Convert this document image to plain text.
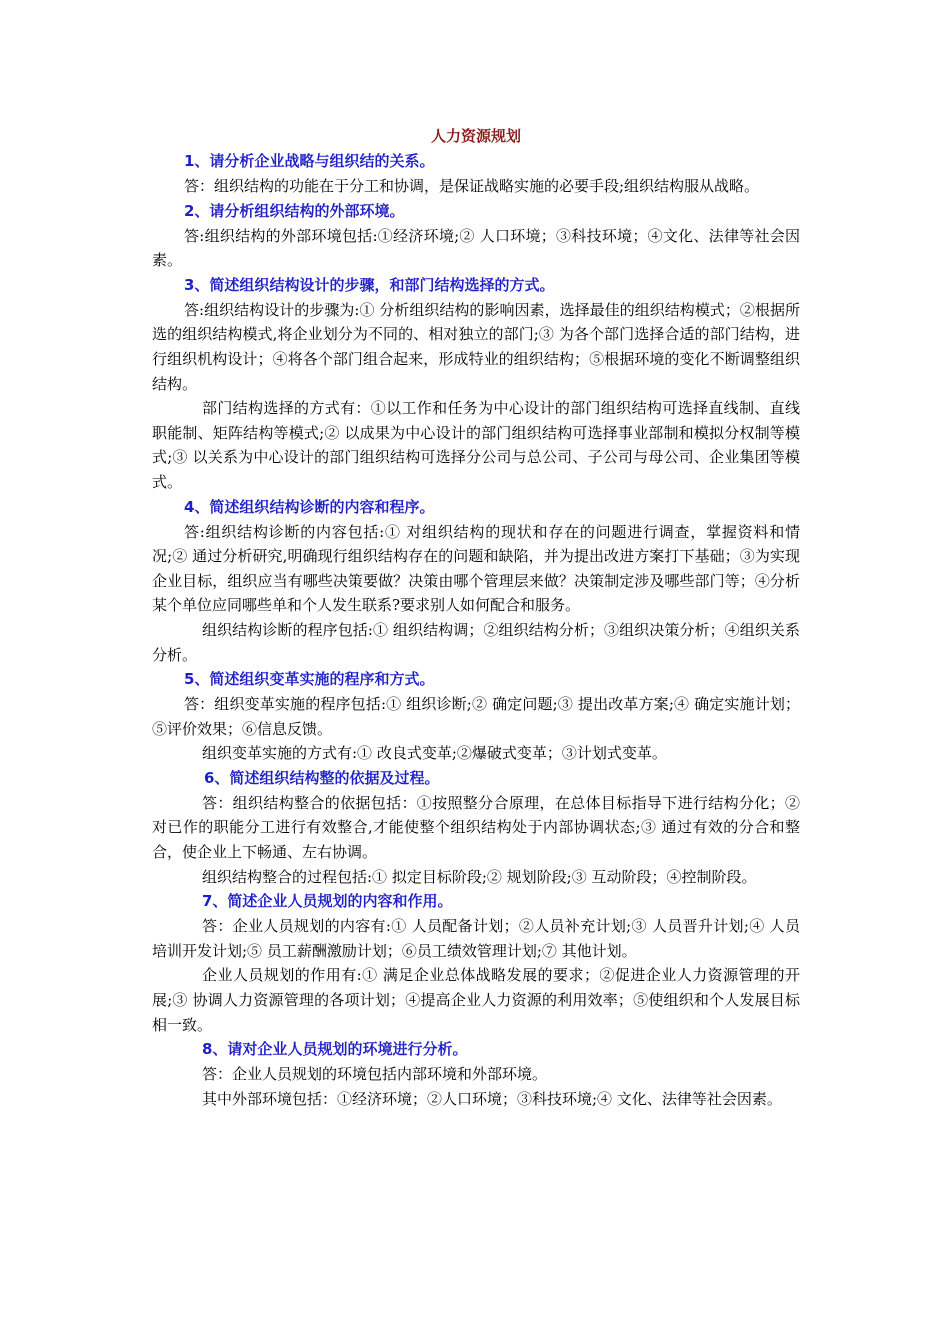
人力资源规划

1、请分析企业战略与组织结的关系。

答：组织结构的功能在于分工和协调，是保证战略实施的必要手段;组织结构服从战略。

2、请分析组织结构的外部环境。

答:组织结构的外部环境包括:①经济环境;② 人口环境；③科技环境；④文化、法律等社会因素。

3、简述组织结构设计的步骤，和部门结构选择的方式。

答:组织结构设计的步骤为:① 分析组织结构的影响因素，选择最佳的组织结构模式；②根据所选的组织结构模式,将企业划分为不同的、相对独立的部门;③ 为各个部门选择合适的部门结构，进行组织机构设计；④将各个部门组合起来，形成特业的组织结构；⑤根据环境的变化不断调整组织结构。

部门结构选择的方式有：①以工作和任务为中心设计的部门组织结构可选择直线制、直线职能制、矩阵结构等模式;② 以成果为中心设计的部门组织结构可选择事业部制和模拟分权制等模式;③ 以关系为中心设计的部门组织结构可选择分公司与总公司、子公司与母公司、企业集团等模式。

4、简述组织结构诊断的内容和程序。

答:组织结构诊断的内容包括:① 对组织结构的现状和存在的问题进行调查，掌握资料和情况;② 通过分析研究,明确现行组织结构存在的问题和缺陷，并为提出改进方案打下基础；③为实现企业目标，组织应当有哪些决策要做？决策由哪个管理层来做？决策制定涉及哪些部门等；④分析某个单位应同哪些单和个人发生联系?要求别人如何配合和服务。

组织结构诊断的程序包括:① 组织结构调；②组织结构分析；③组织决策分析；④组织关系分析。

5、简述组织变革实施的程序和方式。

答：组织变革实施的程序包括:① 组织诊断;② 确定问题;③ 提出改革方案;④ 确定实施计划；⑤评价效果；⑥信息反馈。

组织变革实施的方式有:① 改良式变革;②爆破式变革；③计划式变革。

6、简述组织结构整的依据及过程。

答：组织结构整合的依据包括：①按照整分合原理，在总体目标指导下进行结构分化；②对已作的职能分工进行有效整合,才能使整个组织结构处于内部协调状态;③ 通过有效的分合和整合，使企业上下畅通、左右协调。

组织结构整合的过程包括:① 拟定目标阶段;② 规划阶段;③ 互动阶段；④控制阶段。

7、简述企业人员规划的内容和作用。

答：企业人员规划的内容有:① 人员配备计划；②人员补充计划;③ 人员晋升计划;④ 人员培训开发计划;⑤ 员工薪酬激励计划；⑥员工绩效管理计划;⑦ 其他计划。

企业人员规划的作用有:① 满足企业总体战略发展的要求；②促进企业人力资源管理的开展;③ 协调人力资源管理的各项计划；④提高企业人力资源的利用效率；⑤使组织和个人发展目标相一致。

8、请对企业人员规划的环境进行分析。

答：企业人员规划的环境包括内部环境和外部环境。

其中外部环境包括：①经济环境；②人口环境；③科技环境;④ 文化、法律等社会因素。
